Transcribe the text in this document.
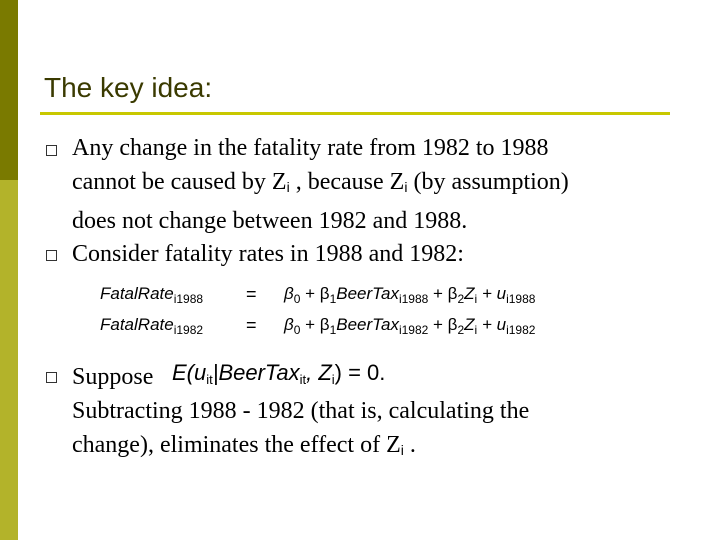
The key idea:
Any change in the fatality rate from 1982 to 1988
cannot be caused by $Z_i$ , because $Z_i$ (by assumption)
does not change between 1982 and 1988.
Consider fatality rates in 1988 and 1982:
FatalRate$_{i1988}$ = $\beta_0$ + $\beta_1BeerTax_{i1988} + \beta_2Z_i + u_{i1988}$
FatalRate$_{i1982}$ = $\beta_0$ + $\beta_1BeerTax_{i1982} + \beta_2Z_i + u_{i1982}$
Suppose
Subtracting 1988 - 1982 (that is, calculating the
change), eliminates the effect of $Z_i$ .
$E(u_{it}|BeerTax_{it}$, $Z_i) = 0$.
